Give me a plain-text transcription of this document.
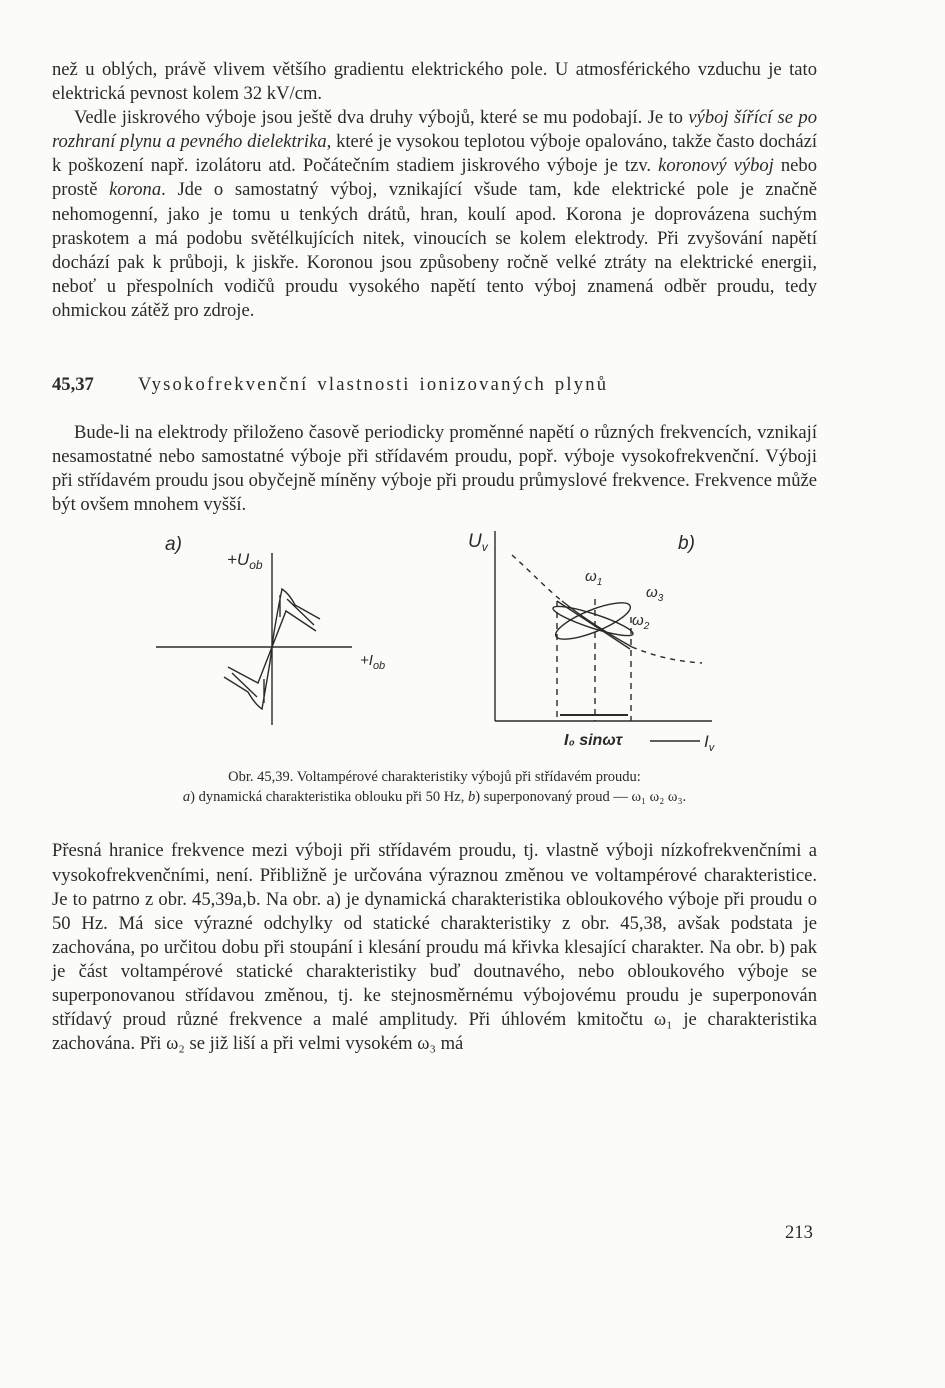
než u oblých, právě vlivem většího gradientu elektrického pole. U atmosférického vzduchu je tato elektrická pevnost kolem 32 kV/cm.

Vedle jiskrového výboje jsou ještě dva druhy výbojů, které se mu podobají. Je to výboj šířící se po rozhraní plynu a pevného dielektrika, které je vysokou teplotou výboje opalováno, takže často dochází k poškození např. izolátoru atd. Počátečním stadiem jiskrového výboje je tzv. koronový výboj nebo prostě korona. Jde o samostatný výboj, vznikající všude tam, kde elektrické pole je značně nehomogenní, jako je tomu u tenkých drátů, hran, koulí apod. Korona je doprovázena suchým praskotem a má podobu světélkujících nitek, vinoucích se kolem elektrody. Při zvyšování napětí dochází pak k průboji, k jiskře. Koronou jsou způsobeny ročně velké ztráty na elektrické energii, neboť u přespolních vodičů proudu vysokého napětí tento výboj znamená odběr proudu, tedy ohmickou zátěž pro zdroje.

45,37	Vysokofrekvenční vlastnosti ionizovaných plynů

Bude-li na elektrody přiloženo časově periodicky proměnné napětí o různých frekvencích, vznikají nesamostatné nebo samostatné výboje při střídavém proudu, popř. výboje vysokofrekvenční. Výboji při střídavém proudu jsou obyčejně míněny výboje při proudu průmyslové frekvence. Frekvence může být ovšem mnohem vyšší.

a)
$+U_{ob}$
$+I_{ob}$
$U_v$	b)
$\omega_1$
$\omega_3$
$\omega_2$
I₀ sinωτ	$I_v$
Obr. 45,39. Voltampérové charakteristiky výbojů při střídavém proudu:
a) dynamická charakteristika oblouku při 50 Hz, b) superponovaný proud — ω₁ ω₂ ω₃.

Přesná hranice frekvence mezi výboji při střídavém proudu, tj. vlastně výboji nízkofrekvenčními a vysokofrekvenčními, není. Přibližně je určována výraznou změnou ve voltampérové charakteristice. Je to patrno z obr. 45,39a,b. Na obr. a) je dynamická charakteristika obloukového výboje při proudu o 50 Hz. Má sice výrazné odchylky od statické charakteristiky z obr. 45,38, avšak podstata je zachována, po určitou dobu při stoupání i klesání proudu má křivka klesající charakter. Na obr. b) pak je část voltampérové statické charakteristiky buď doutnavého, nebo obloukového výboje se superponovanou střídavou změnou, tj. ke stejnosměrnému výbojovému proudu je superponován střídavý proud různé frekvence a malé amplitudy. Při úhlovém kmitočtu ω₁ je charakteristika zachována. Při ω₂ se již liší a při velmi vysokém ω₃ má

213
